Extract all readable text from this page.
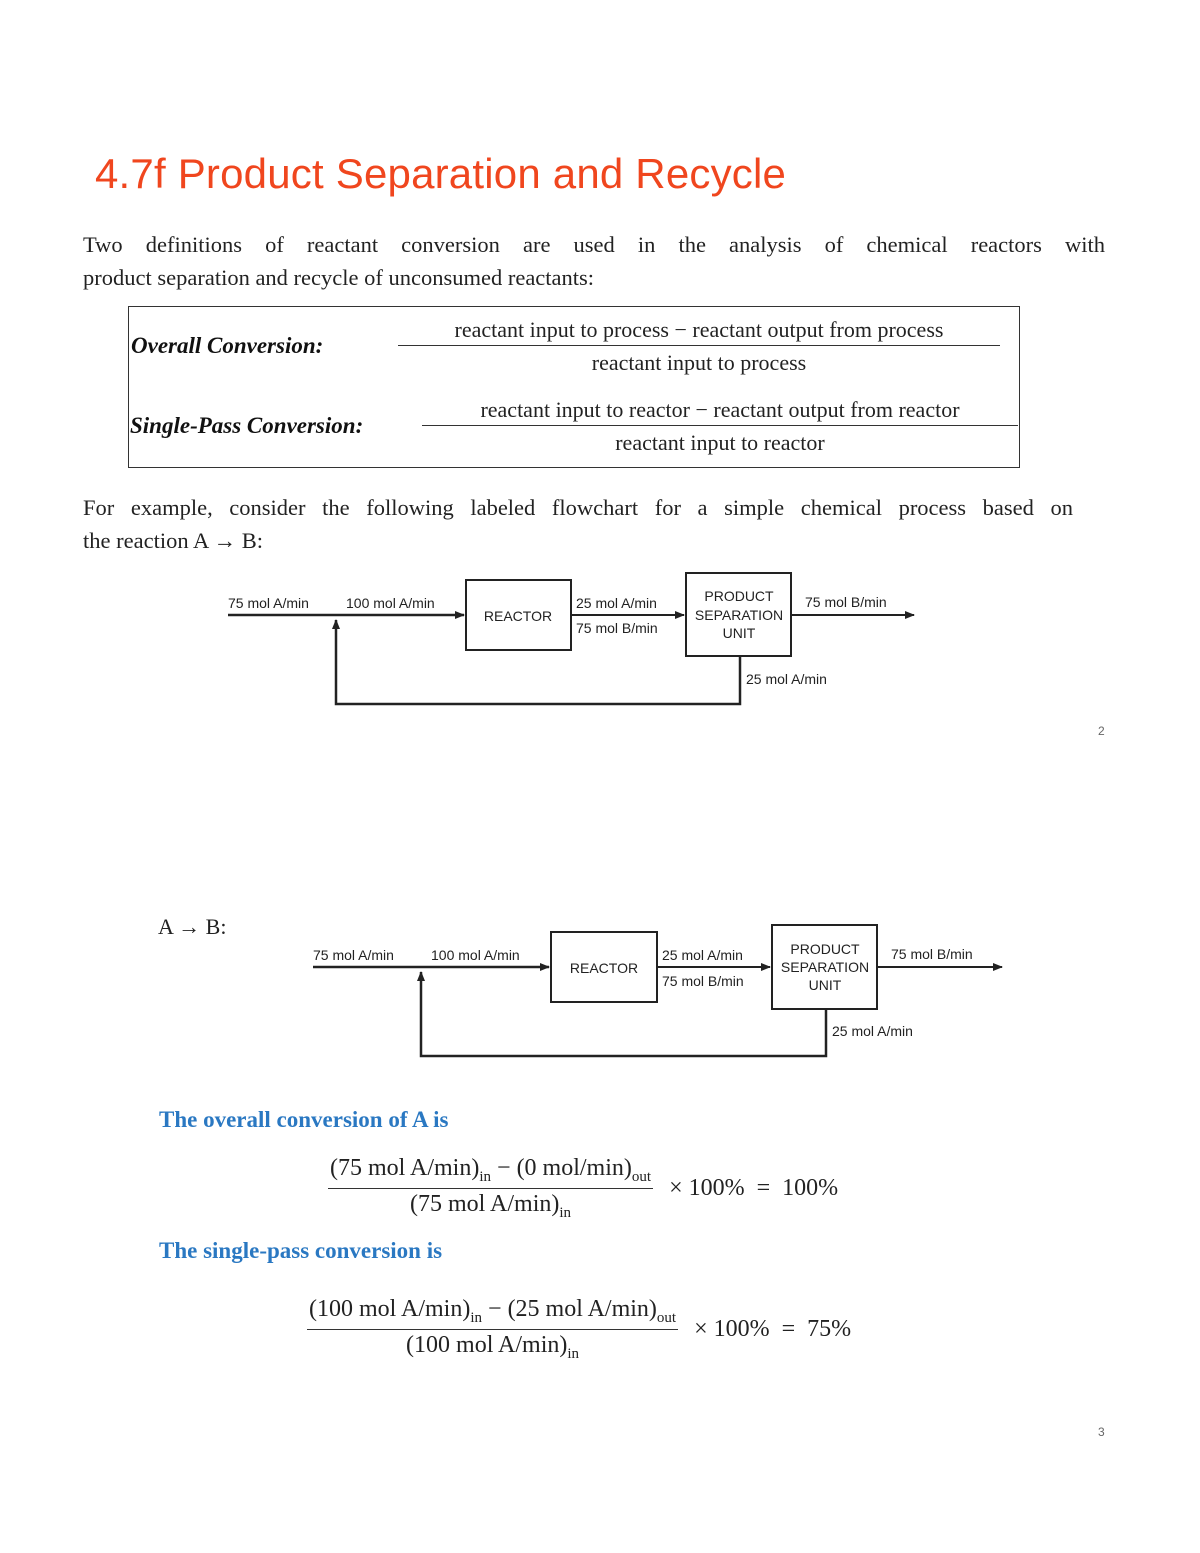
4.7f Product Separation and Recycle
Two definitions of reactant conversion are used in the analysis of chemical reactors with
product separation and recycle of unconsumed reactants:
Overall Conversion:
reactant input to process − reactant output from process
reactant input to process
Single-Pass Conversion:
reactant input to reactor − reactant output from reactor
reactant input to reactor
For example, consider the following labeled flowchart for a simple chemical process based on
the reaction A → B:
REACTOR
PRODUCT
SEPARATION
UNIT
75 mol A/min	100 mol A/min	25 mol A/min
75 mol B/min
75 mol B/min
25 mol A/min
2
A → B:
REACTOR
PRODUCT
SEPARATION
UNIT
75 mol A/min	100 mol A/min	25 mol A/min
75 mol B/min
75 mol B/min
25 mol A/min
The overall conversion of A is
(75 mol $A/\min)_{in} - (0$ mol/$\min)_{out}$
(75 mol $A/\min)_{in}$
× 100%  =  100%
The single-pass conversion is
(100 mol $A/\min)_{in} - (25$ mol $A/\min)_{out}$
(100 mol $A/\min)_{in}$
× 100%  =  75%
3
